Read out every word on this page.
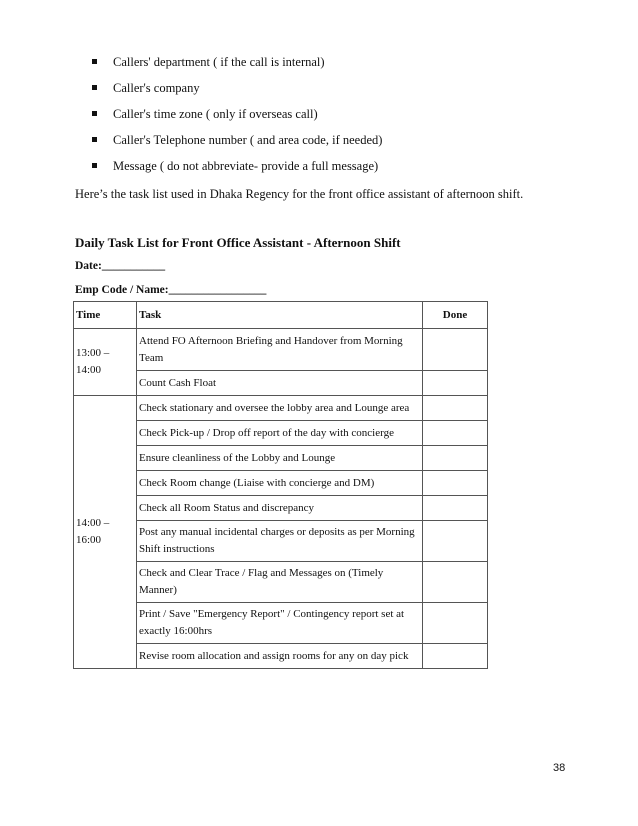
Callers' department ( if the call is internal)
Caller's company
Caller's time zone ( only if overseas call)
Caller's Telephone number ( and area code, if needed)
Message ( do not abbreviate- provide a full message)
Here’s the task list used in Dhaka Regency for the front office assistant of afternoon shift.
Daily Task List for Front Office Assistant - Afternoon Shift
Date:___________
Emp Code / Name:_________________
Time	Task	Done

13:00 –
14:00	Attend FO Afternoon Briefing and Handover from Morning Team	
	Count Cash Float	

14:00 –
16:00	Check stationary and oversee the lobby area and Lounge area	
	Check Pick-up / Drop off report of the day with concierge	
	Ensure cleanliness of the Lobby and Lounge	
	Check Room change (Liaise with concierge and DM)	
	Check all Room Status and discrepancy	
	Post any manual incidental charges or deposits as per Morning Shift instructions	
	Check and Clear Trace / Flag and Messages on (Timely Manner)	
	Print / Save "Emergency Report" / Contingency report set at exactly 16:00hrs	
	Revise room allocation and assign rooms for any on day pick	
38
